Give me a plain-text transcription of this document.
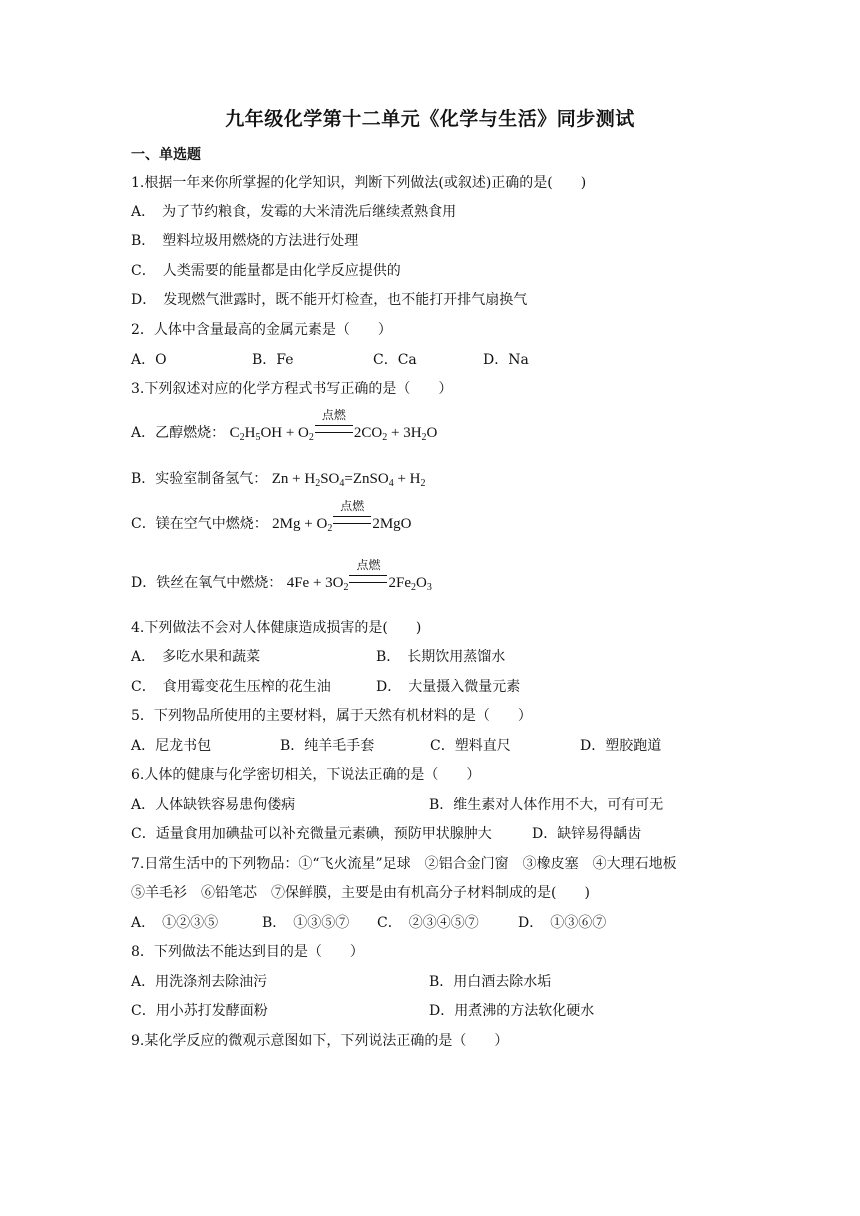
九年级化学第十二单元《化学与生活》同步测试
一、单选题
1.根据一年来你所掌握的化学知识，判断下列做法(或叙述)正确的是(　　)
A．　为了节约粮食，发霉的大米清洗后继续煮熟食用
B．　塑料垃圾用燃烧的方法进行处理
C．　人类需要的能量都是由化学反应提供的
D．　发现燃气泄露时，既不能开灯检查，也不能打开排气扇换气
2．人体中含量最高的金属元素是（　　）
A．O	B．Fe	C．Ca	D．Na
3.下列叙述对应的化学方程式书写正确的是（　　）
A．乙醇燃烧： $C_2H_5OH + O_2$
点燃
$2CO_2 + 3H_2O$
B．实验室制备氢气： $Zn + H_2SO_4=ZnSO_4 + H_2$
C．镁在空气中燃烧： $2Mg + O_2$
点燃
2MgO
D．铁丝在氧气中燃烧： $4Fe + 3O_2$
点燃
$2Fe_2O_3$
4.下列做法不会对人体健康造成损害的是(　　)
A．　多吃水果和蔬菜	B．　长期饮用蒸馏水
C．　食用霉变花生压榨的花生油	D．　大量摄入微量元素
5．下列物品所使用的主要材料，属于天然有机材料的是（　　）
A．尼龙书包	B．纯羊毛手套	C．塑料直尺	D．塑胶跑道
6.人体的健康与化学密切相关，下说法正确的是（　　）
A．人体缺铁容易患佝偻病	B．维生素对人体作用不大，可有可无
C．适量食用加碘盐可以补充微量元素碘，预防甲状腺肿大	D．缺锌易得龋齿
7.日常生活中的下列物品：①“飞火流星”足球　②铝合金门窗　③橡皮塞　④大理石地板
⑤羊毛衫　⑥铅笔芯　⑦保鲜膜，主要是由有机高分子材料制成的是(　　)
A．　①②③⑤	B．　①③⑤⑦ C．　②③④⑤⑦	D．　①③⑥⑦
8．下列做法不能达到目的是（　　）
A．用洗涤剂去除油污	B．用白酒去除水垢
C．用小苏打发酵面粉	D．用煮沸的方法软化硬水
9.某化学反应的微观示意图如下，下列说法正确的是（　　）
